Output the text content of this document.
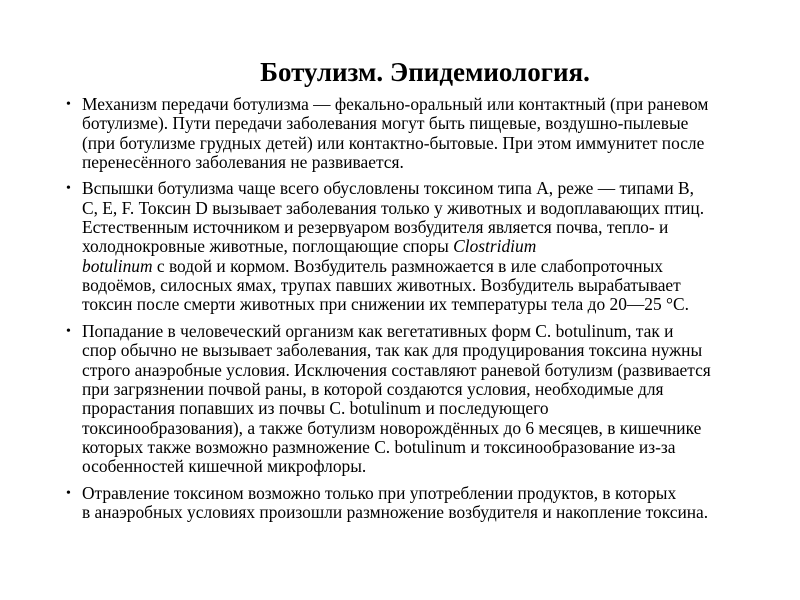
Ботулизм. Эпидемиология.
• Механизм передачи ботулизма — фекально-оральный или контактный (при раневом
ботулизме). Пути передачи заболевания могут быть пищевые, воздушно-пылевые
(при ботулизме грудных детей) или контактно-бытовые. При этом иммунитет после
перенесённого заболевания не развивается.
• Вспышки ботулизма чаще всего обусловлены токсином типа А, реже — типами В,
С, Е, F. Токсин D вызывает заболевания только у животных и водоплавающих птиц.
Естественным источником и резервуаром возбудителя является почва, тепло- и
холоднокровные животные, поглощающие споры Clostridium
botulinum с водой и кормом. Возбудитель размножается в иле слабопроточных
водоёмов, силосных ямах, трупах павших животных. Возбудитель вырабатывает
токсин после смерти животных при снижении их температуры тела до 20—25 °C.
• Попадание в человеческий организм как вегетативных форм C. botulinum, так и
спор обычно не вызывает заболевания, так как для продуцирования токсина нужны
строго анаэробные условия. Исключения составляют раневой ботулизм (развивается
при загрязнении почвой раны, в которой создаются условия, необходимые для
прорастания попавших из почвы C. botulinum и последующего
токсинообразования), а также ботулизм новорождённых до 6 месяцев, в кишечнике
которых также возможно размножение C. botulinum и токсинообразование из-за
особенностей кишечной микрофлоры.
• Отравление токсином возможно только при употреблении продуктов, в которых
в анаэробных условиях произошли размножение возбудителя и накопление токсина.
